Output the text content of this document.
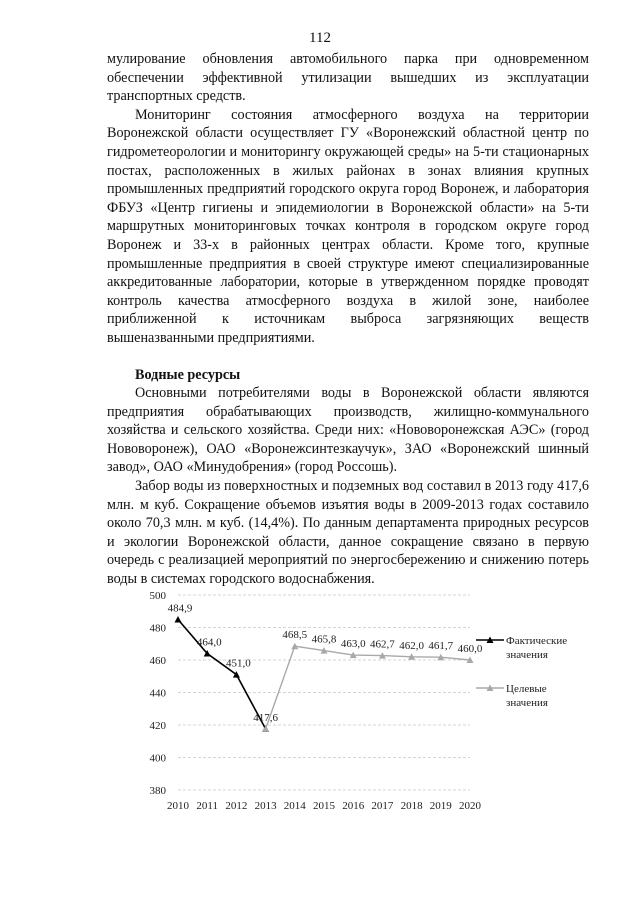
112

мулирование обновления автомобильного парка при одновременном обеспечении эффективной утилизации вышедших из эксплуатации транспортных средств.

Мониторинг состояния атмосферного воздуха на территории Воронежской области осуществляет ГУ «Воронежский областной центр по гидрометеорологии и мониторингу окружающей среды» на 5-ти стационарных постах, расположенных в жилых районах в зонах влияния крупных промышленных предприятий городского округа город Воронеж, и лаборатория ФБУЗ «Центр гигиены и эпидемиологии в Воронежской области» на 5-ти маршрутных мониторинговых точках контроля в городском округе город Воронеж и 33-х в районных центрах области. Кроме того, крупные промышленные предприятия в своей структуре имеют специализированные аккредитованные лаборатории, которые в утвержденном порядке проводят контроль качества атмосферного воздуха в жилой зоне, наиболее приближенной к источникам выброса загрязняющих веществ вышеназванными предприятиями.

Водные ресурсы

Основными потребителями воды в Воронежской области являются предприятия обрабатывающих производств, жилищно-коммунального хозяйства и сельского хозяйства. Среди них: «Нововоронежская АЭС» (город Нововоронеж), ОАО «Воронежсинтезкаучук», ЗАО «Воронежский шинный завод», ОАО «Минудобрения» (город Россошь).

Забор воды из поверхностных и подземных вод составил в 2013 году 417,6 млн. м куб. Сокращение объемов изъятия воды в 2009-2013 годах составило около 70,3 млн. м куб. (14,4%). По данным департамента природных ресурсов и экологии Воронежской области, данное сокращение связано в первую очередь с реализацией мероприятий по энергосбережению и снижению потерь воды в системах городского водоснабжения.

380
400
420
440
460
480
500
2010 2011 2012 2013 2014 2015 2016 2017 2018 2019 2020
484,9
464,0
451,0
417,6
468,5 465,8 463,0 462,7 462,0 461,7 460,0
Фактические
значения
Целевые
значения
